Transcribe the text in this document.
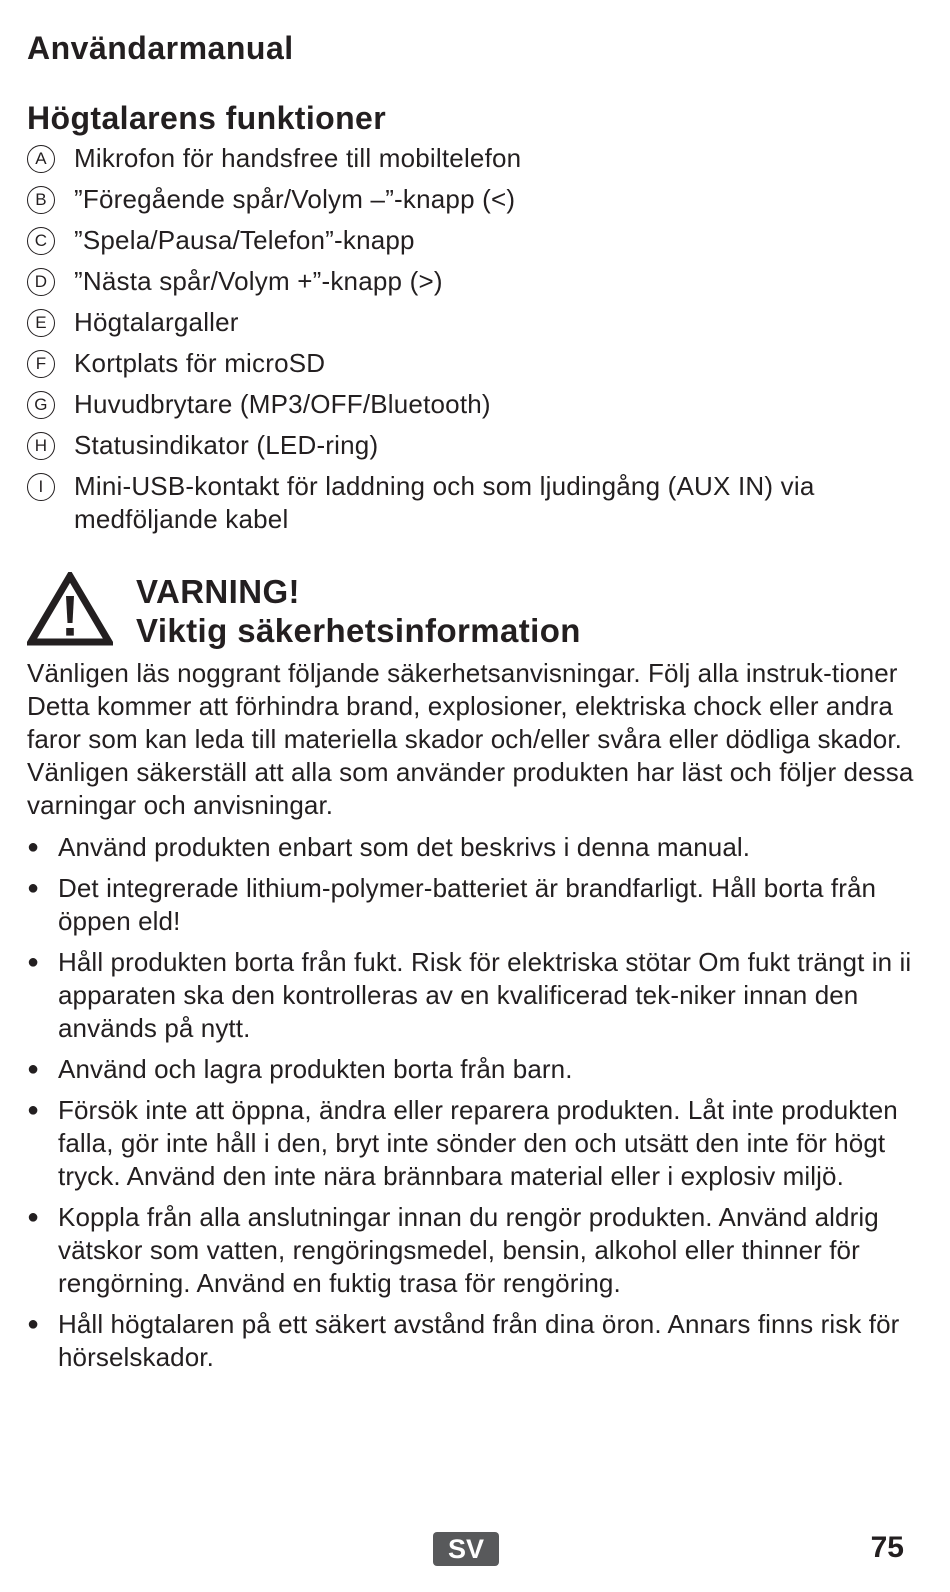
Användarmanual
Högtalarens funktioner
A	Mikrofon för handsfree till mobiltelefon
B	”Föregående spår/Volym –”-knapp (<)
C ”Spela/Pausa/Telefon”-knapp
D ”Nästa spår/Volym +”-knapp (>)
E	Högtalargaller
F	Kortplats för microSD
G Huvudbrytare (MP3/OFF/Bluetooth)
H Statusindikator (LED-ring)
I	Mini-USB-kontakt för laddning och som ljudingång (AUX IN) via medföljande kabel
VARNING!
Viktig säkerhetsinformation

Vänligen läs noggrant följande säkerhetsanvisningar. Följ alla instruk-tioner Detta kommer att förhindra brand, explosioner, elektriska chock eller andra faror som kan leda till materiella skador och/eller svåra eller dödliga skador. Vänligen säkerställ att alla som använder produkten har läst och följer dessa varningar och anvisningar.

● Använd produkten enbart som det beskrivs i denna manual.
● Det integrerade lithium-polymer-batteriet är brandfarligt. Håll borta från öppen eld!
● Håll produkten borta från fukt. Risk för elektriska stötar Om fukt trängt in ii apparaten ska den kontrolleras av en kvalificerad tek-niker innan den används på nytt.
● Använd och lagra produkten borta från barn.
● Försök inte att öppna, ändra eller reparera produkten. Låt inte produkten falla, gör inte håll i den, bryt inte sönder den och utsätt den inte för högt tryck. Använd den inte nära brännbara material eller i explosiv miljö.
● Koppla från alla anslutningar innan du rengör produkten. Använd aldrig vätskor som vatten, rengöringsmedel, bensin, alkohol eller thinner för rengörning. Använd en fuktig trasa för rengöring.
● Håll högtalaren på ett säkert avstånd från dina öron. Annars finns risk för hörselskador.
SV	75
